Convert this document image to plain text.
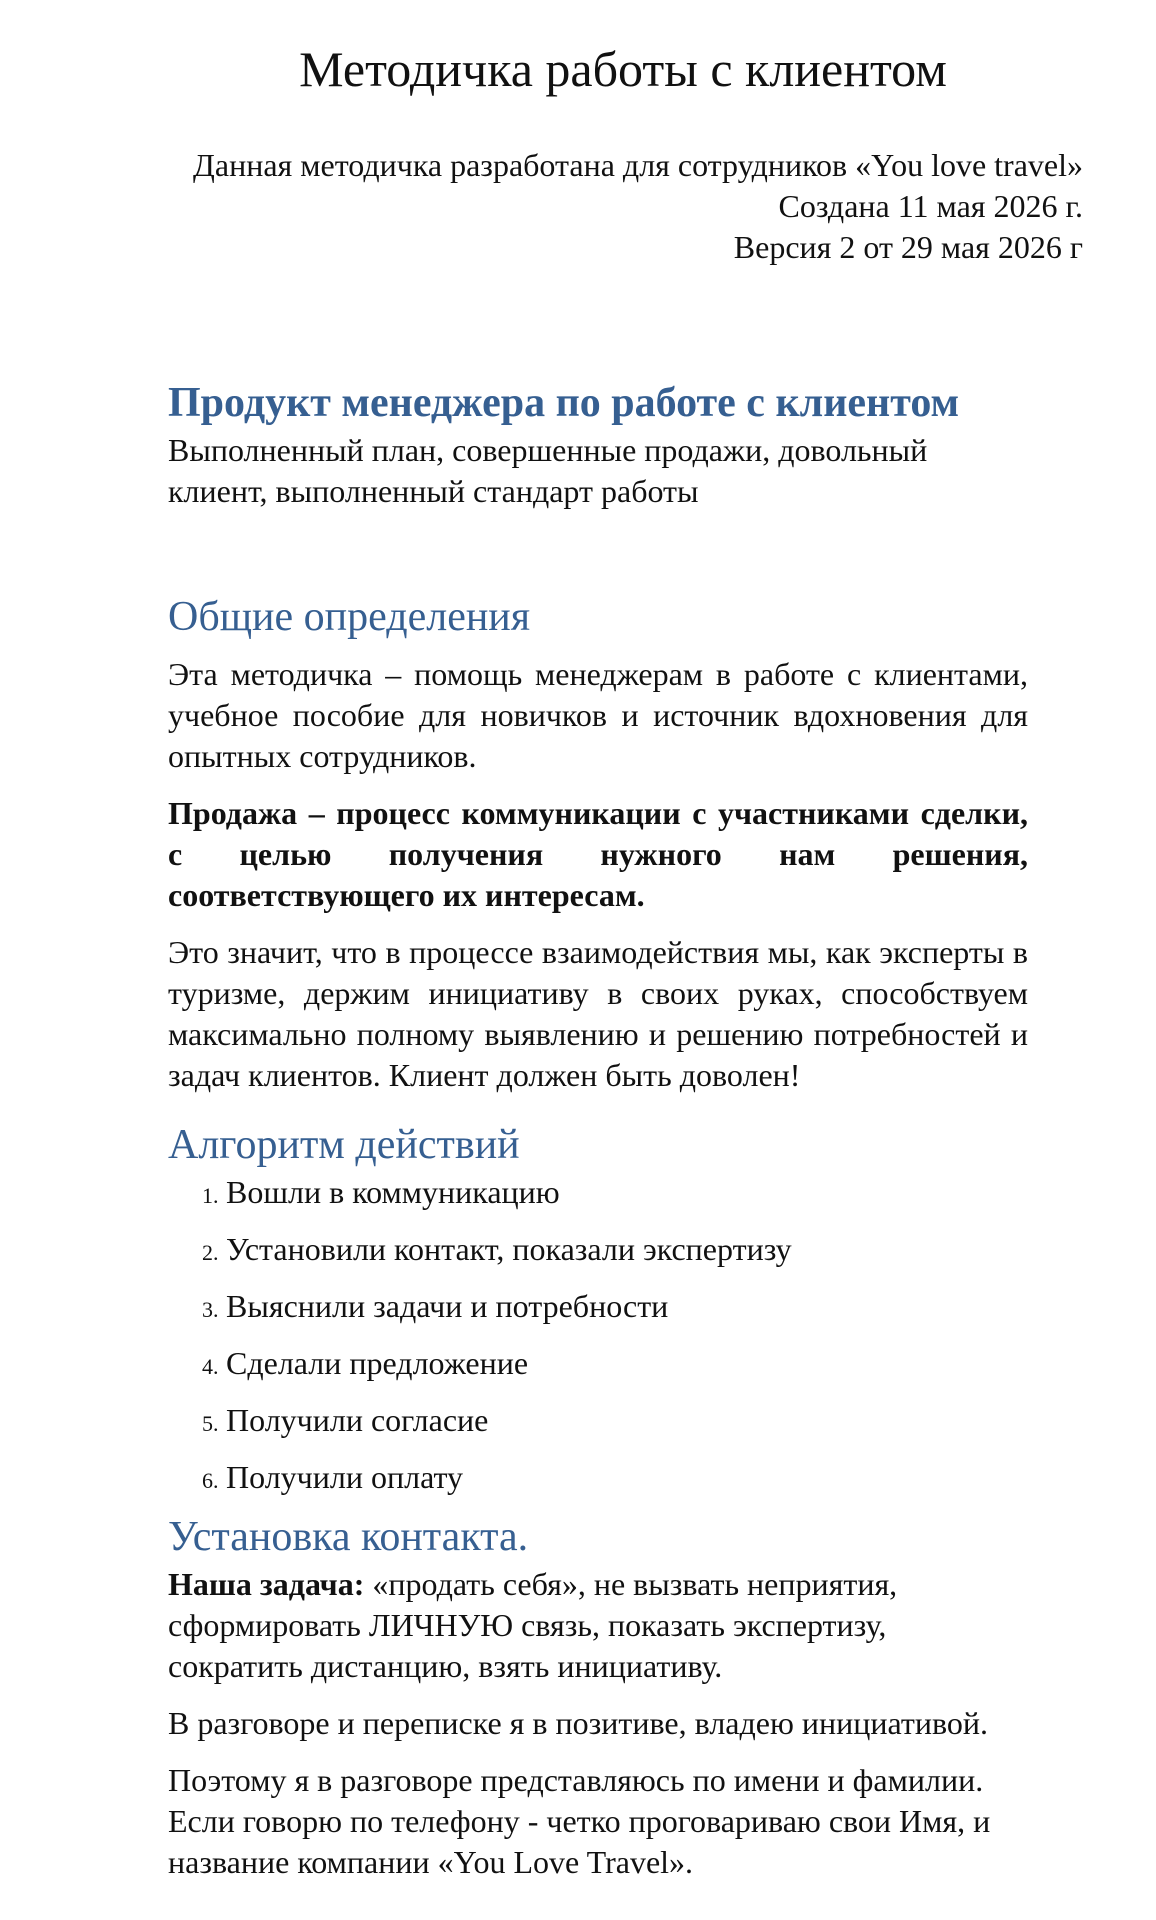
Методичка работы с клиентом
Данная методичка разработана для сотрудников «You love travel»
Создана 11 мая 2026 г.
Версия 2 от 29 мая 2026 г
Продукт менеджера по работе с клиентом

Выполненный план, совершенные продажи, довольный клиент, выполненный стандарт работы

Общие определения

Эта методичка – помощь менеджерам в работе с клиентами, учебное пособие для новичков и источник вдохновения для опытных сотрудников.

Продажа – процесс коммуникации с участниками сделки, с целью получения нужного нам решения, соответствующего их интересам.

Это значит, что в процессе взаимодействия мы, как эксперты в туризме, держим инициативу в своих руках, способствуем максимально полному выявлению и решению потребностей и задач клиентов. Клиент должен быть доволен!

Алгоритм действий
1. Вошли в коммуникацию
2. Установили контакт, показали экспертизу
3. Выяснили задачи и потребности
4. Сделали предложение
5. Получили согласие
6. Получили оплату
Установка контакта.

Наша задача: «продать себя», не вызвать неприятия, сформировать ЛИЧНУЮ связь, показать экспертизу, сократить дистанцию, взять инициативу.

В разговоре и переписке я в позитиве, владею инициативой.

Поэтому я в разговоре представляюсь по имени и фамилии. Если говорю по телефону - четко проговариваю свои Имя, и название компании «You Love Travel».
